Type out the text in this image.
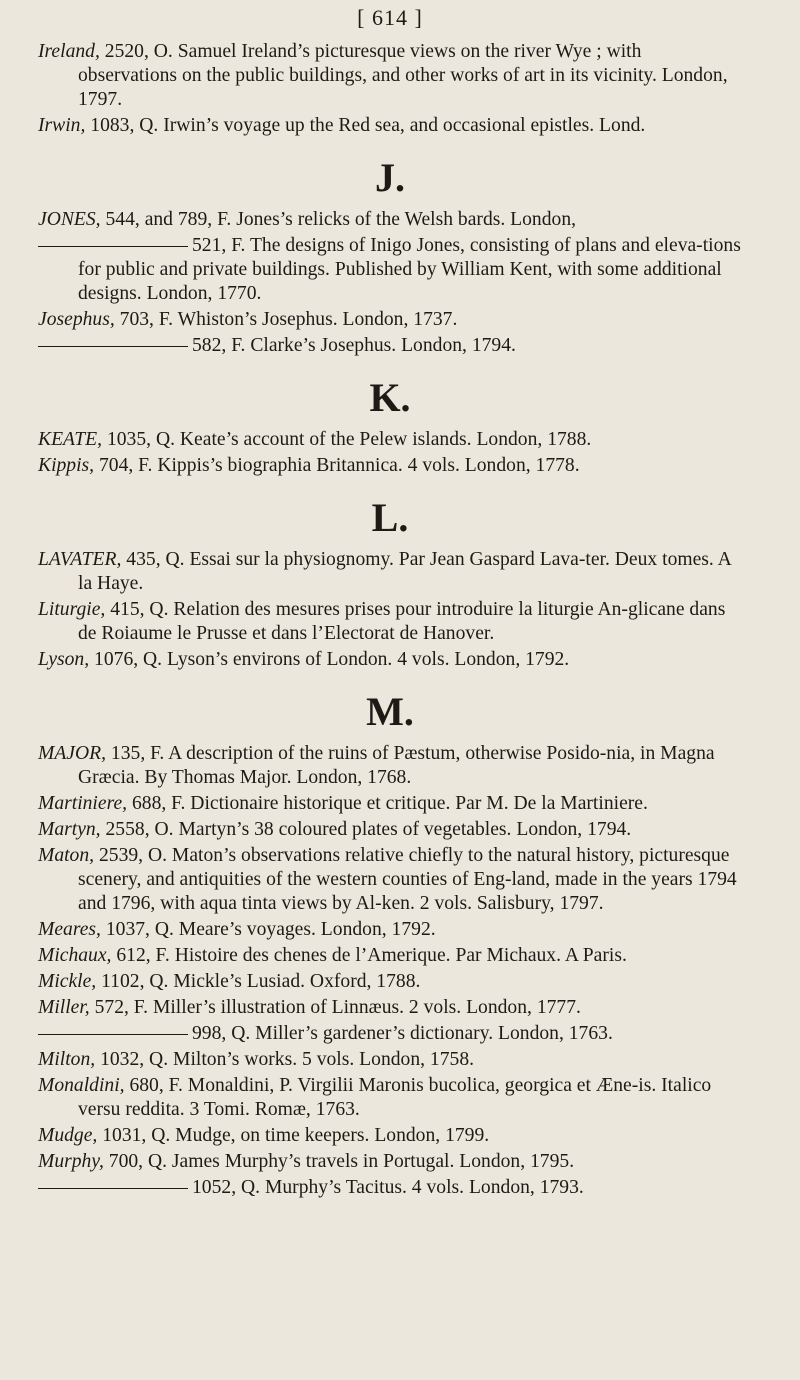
[ 614 ]

Ireland, 2520, O. Samuel Ireland’s picturesque views on the river Wye ; with observations on the public buildings, and other works of art in its vicinity. London, 1797.

Irwin, 1083, Q. Irwin’s voyage up the Red sea, and occasional epistles. Lond.

J.

JONES, 544, and 789, F. Jones’s relicks of the Welsh bards. London,

521, F. The designs of Inigo Jones, consisting of plans and eleva-tions for public and private buildings. Published by William Kent, with some additional designs. London, 1770.

Josephus, 703, F. Whiston’s Josephus. London, 1737.

582, F. Clarke’s Josephus. London, 1794.

K.

KEATE, 1035, Q. Keate’s account of the Pelew islands. London, 1788.

Kippis, 704, F. Kippis’s biographia Britannica. 4 vols. London, 1778.

L.

LAVATER, 435, Q. Essai sur la physiognomy. Par Jean Gaspard Lava-ter. Deux tomes. A la Haye.

Liturgie, 415, Q. Relation des mesures prises pour introduire la liturgie An-glicane dans de Roiaume le Prusse et dans l’Electorat de Hanover.

Lyson, 1076, Q. Lyson’s environs of London. 4 vols. London, 1792.

M.

MAJOR, 135, F. A description of the ruins of Pæstum, otherwise Posido-nia, in Magna Græcia. By Thomas Major. London, 1768.

Martiniere, 688, F. Dictionaire historique et critique. Par M. De la Martiniere.

Martyn, 2558, O. Martyn’s 38 coloured plates of vegetables. London, 1794.

Maton, 2539, O. Maton’s observations relative chiefly to the natural history, picturesque scenery, and antiquities of the western counties of Eng-land, made in the years 1794 and 1796, with aqua tinta views by Al-ken. 2 vols. Salisbury, 1797.

Meares, 1037, Q. Meare’s voyages. London, 1792.

Michaux, 612, F. Histoire des chenes de l’Amerique. Par Michaux. A Paris.

Mickle, 1102, Q. Mickle’s Lusiad. Oxford, 1788.

Miller, 572, F. Miller’s illustration of Linnæus. 2 vols. London, 1777.

998, Q. Miller’s gardener’s dictionary. London, 1763.

Milton, 1032, Q. Milton’s works. 5 vols. London, 1758.

Monaldini, 680, F. Monaldini, P. Virgilii Maronis bucolica, georgica et Æne-is. Italico versu reddita. 3 Tomi. Romæ, 1763.

Mudge, 1031, Q. Mudge, on time keepers. London, 1799.

Murphy, 700, Q. James Murphy’s travels in Portugal. London, 1795.

1052, Q. Murphy’s Tacitus. 4 vols. London, 1793.
